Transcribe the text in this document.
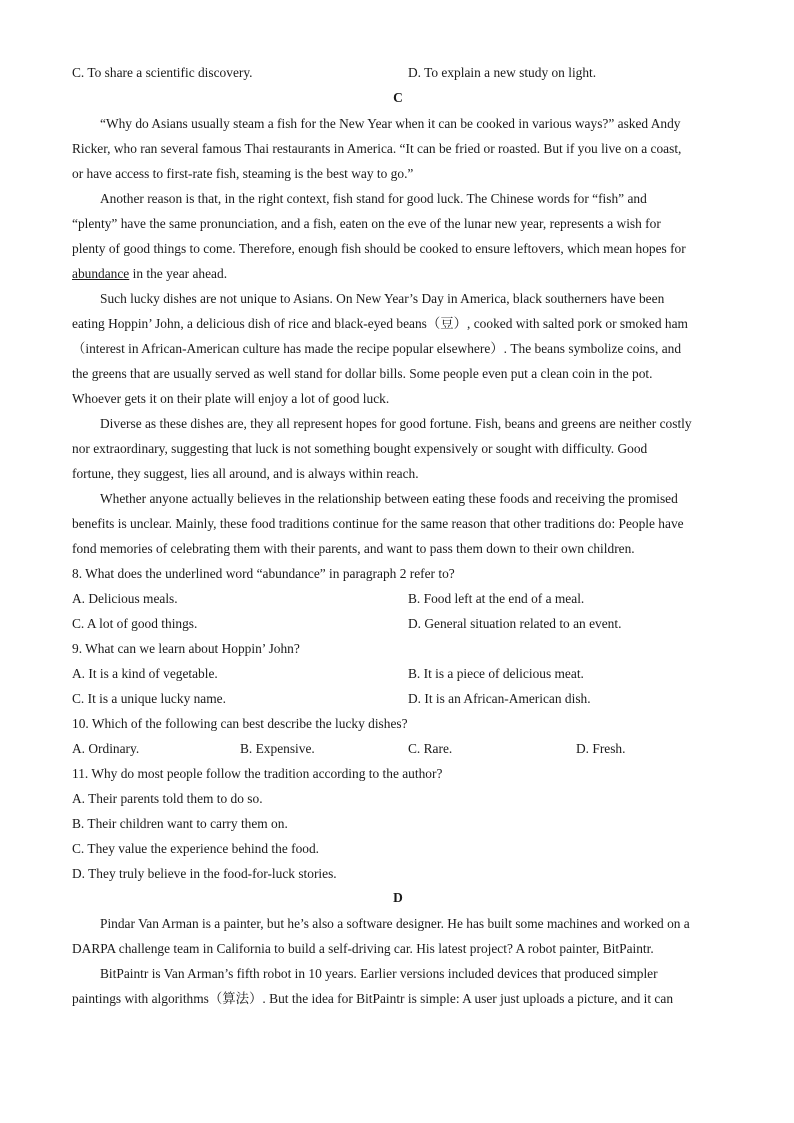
C. To share a scientific discovery.	D. To explain a new study on light.
C
“Why do Asians usually steam a fish for the New Year when it can be cooked in various ways?” asked Andy
Ricker, who ran several famous Thai restaurants in America. “It can be fried or roasted. But if you live on a coast,
or have access to first-rate fish, steaming is the best way to go.”
Another reason is that, in the right context, fish stand for good luck. The Chinese words for “fish” and
“plenty” have the same pronunciation, and a fish, eaten on the eve of the lunar new year, represents a wish for
plenty of good things to come. Therefore, enough fish should be cooked to ensure leftovers, which mean hopes for
abundance in the year ahead.
Such lucky dishes are not unique to Asians. On New Year’s Day in America, black southerners have been
eating Hoppin’ John, a delicious dish of rice and black-eyed beans（豆）, cooked with salted pork or smoked ham
（interest in African-American culture has made the recipe popular elsewhere）. The beans symbolize coins, and
the greens that are usually served as well stand for dollar bills. Some people even put a clean coin in the pot.
Whoever gets it on their plate will enjoy a lot of good luck.
Diverse as these dishes are, they all represent hopes for good fortune. Fish, beans and greens are neither costly
nor extraordinary, suggesting that luck is not something bought expensively or sought with difficulty. Good
fortune, they suggest, lies all around, and is always within reach.
Whether anyone actually believes in the relationship between eating these foods and receiving the promised
benefits is unclear. Mainly, these food traditions continue for the same reason that other traditions do: People have
fond memories of celebrating them with their parents, and want to pass them down to their own children.
8. What does the underlined word “abundance” in paragraph 2 refer to?
A. Delicious meals.	B. Food left at the end of a meal.
C. A lot of good things.	D. General situation related to an event.
9. What can we learn about Hoppin’ John?
A. It is a kind of vegetable.	B. It is a piece of delicious meat.
C. It is a unique lucky name.	D. It is an African-American dish.
10. Which of the following can best describe the lucky dishes?
A. Ordinary.	B. Expensive.	C. Rare.	D. Fresh.
11. Why do most people follow the tradition according to the author?
A. Their parents told them to do so.
B. Their children want to carry them on.
C. They value the experience behind the food.
D. They truly believe in the food-for-luck stories.
D
Pindar Van Arman is a painter, but he’s also a software designer. He has built some machines and worked on a
DARPA challenge team in California to build a self-driving car. His latest project? A robot painter, BitPaintr.
BitPaintr is Van Arman’s fifth robot in 10 years. Earlier versions included devices that produced simpler
paintings with algorithms（算法）. But the idea for BitPaintr is simple: A user just uploads a picture, and it can
